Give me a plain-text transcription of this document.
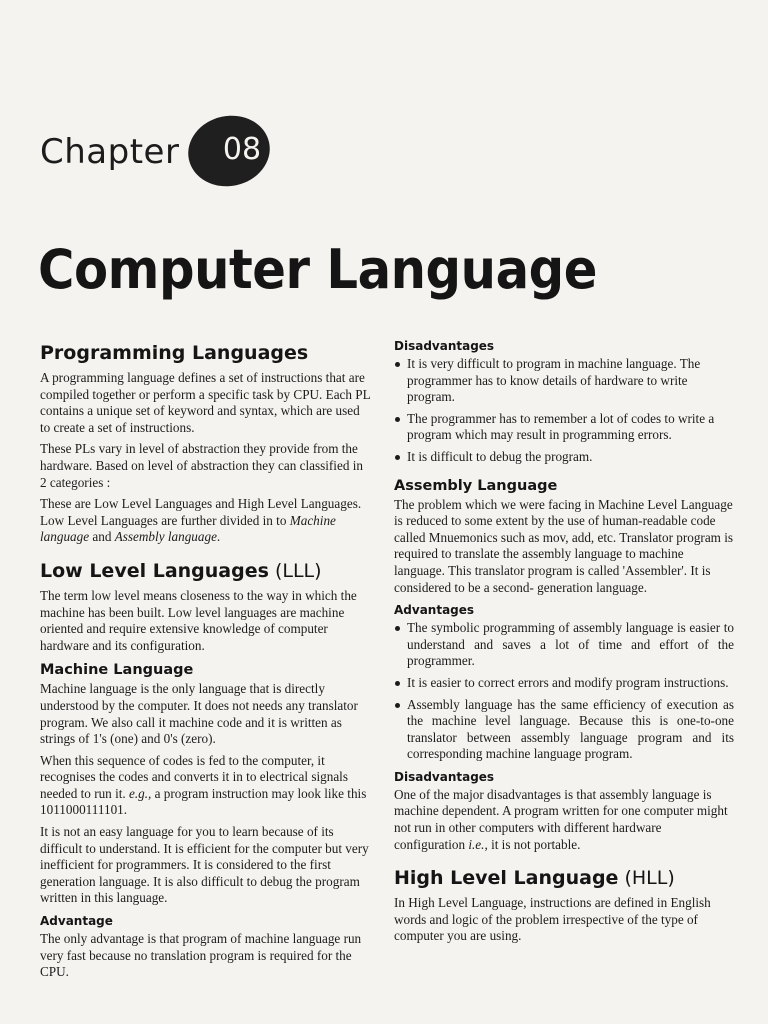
Chapter	08
Computer Language
Programming Languages

A programming language defines a set of instructions that are compiled together or perform a specific task by CPU. Each PL contains a unique set of keyword and syntax, which are used to create a set of instructions.

These PLs vary in level of abstraction they provide from the hardware. Based on level of abstraction they can classified in 2 categories :

These are Low Level Languages and High Level Languages. Low Level Languages are further divided in to Machine language and Assembly language.

Low Level Languages (LLL)

The term low level means closeness to the way in which the machine has been built. Low level languages are machine oriented and require extensive knowledge of computer hardware and its configuration.

Machine Language

Machine language is the only language that is directly understood by the computer. It does not needs any translator program. We also call it machine code and it is written as strings of 1's (one) and 0's (zero).

When this sequence of codes is fed to the computer, it recognises the codes and converts it in to electrical signals needed to run it. e.g., a program instruction may look like this 1011000111101.

It is not an easy language for you to learn because of its difficult to understand. It is efficient for the computer but very inefficient for programmers. It is considered to the first generation language. It is also difficult to debug the program written in this language.

Advantage

The only advantage is that program of machine language run very fast because no translation program is required for the CPU.

Disadvantages
It is very difficult to program in machine language. The programmer has to know details of hardware to write program.
The programmer has to remember a lot of codes to write a program which may result in programming errors.
It is difficult to debug the program.
Assembly Language

The problem which we were facing in Machine Level Language is reduced to some extent by the use of human-readable code called Mnuemonics such as mov, add, etc. Translator program is required to translate the assembly language to machine language. This translator program is called 'Assembler'. It is considered to be a second- generation language.

Advantages
The symbolic programming of assembly language is easier to understand and saves a lot of time and effort of the programmer.
It is easier to correct errors and modify program instructions.
Assembly language has the same efficiency of execution as the machine level language. Because this is one-to-one translator between assembly language program and its corresponding machine language program.
Disadvantages

One of the major disadvantages is that assembly language is machine dependent. A program written for one computer might not run in other computers with different hardware configuration i.e., it is not portable.

High Level Language (HLL)

In High Level Language, instructions are defined in English words and logic of the problem irrespective of the type of computer you are using.
